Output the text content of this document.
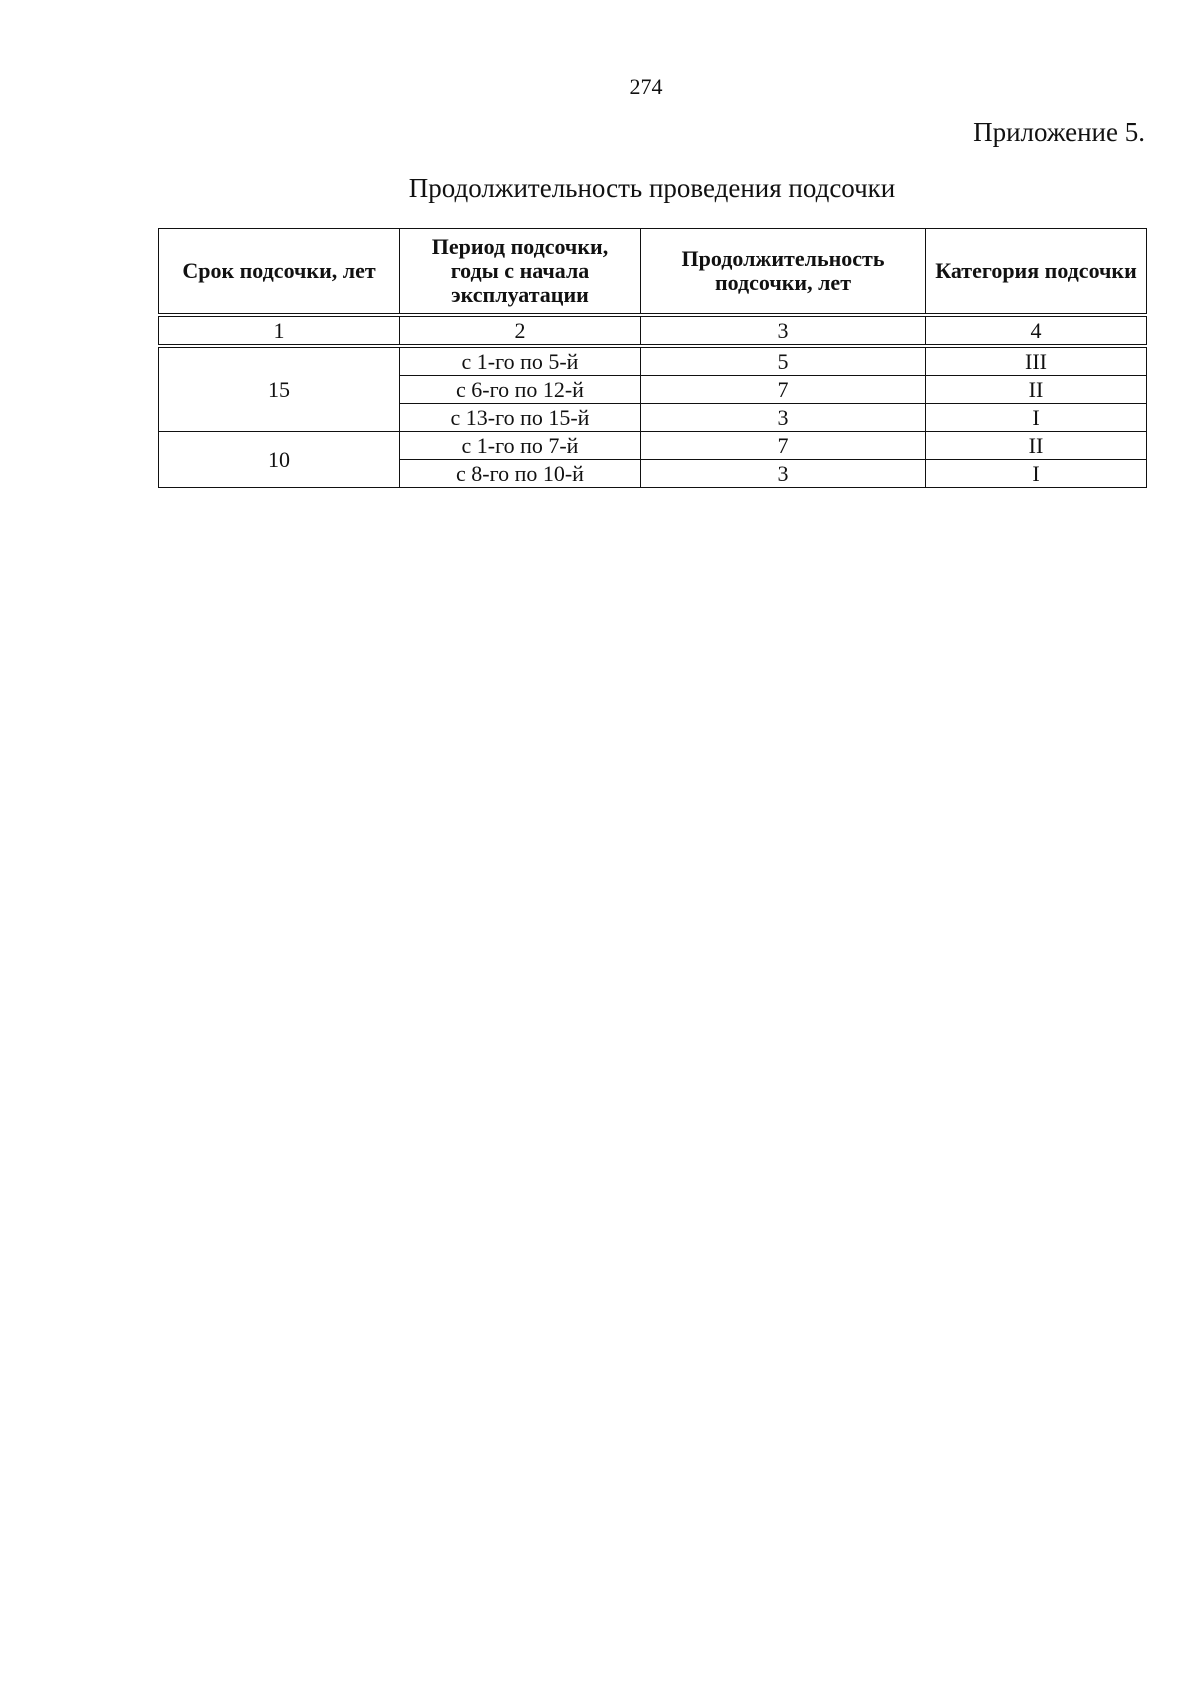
274
Приложение 5.
Продолжительность проведения подсочки
Срок подсочки, лет	Период подсочки, годы с начала эксплуатации	Продолжительность подсочки, лет	Категория подсочки
1	2	3	4
15	с 1-го по 5-й	5	III
	с 6-го по 12-й	7	II
	с 13-го по 15-й	3	I
10	с 1-го по 7-й	7	II
	с 8-го по 10-й	3	I
